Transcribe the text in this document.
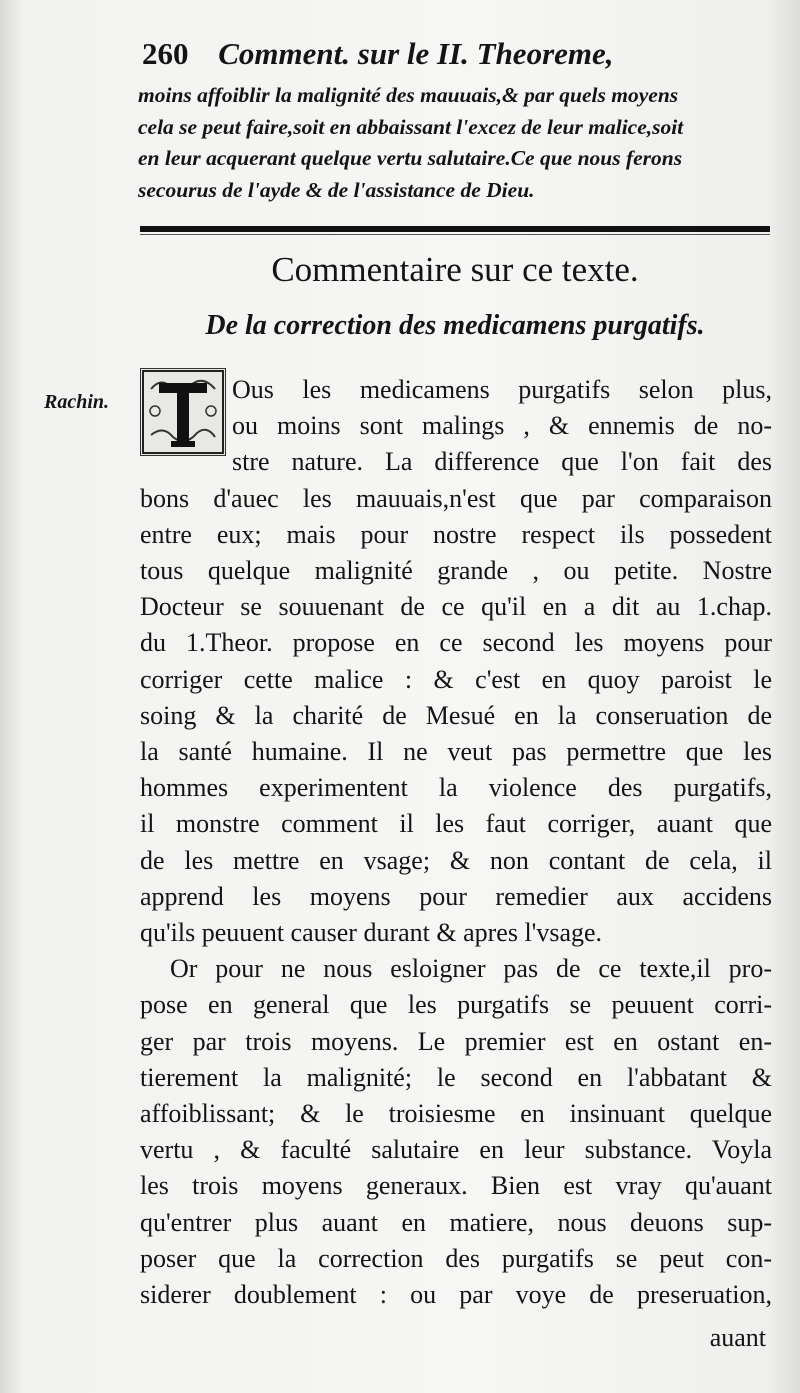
260 Comment. sur le II. Theoreme,
moins affoiblir la malignité des mauuais,& par quels moyens
cela se peut faire,soit en abbaissant l'excez de leur malice,soit
en leur acquerant quelque vertu salutaire.Ce que nous ferons
secourus de l'ayde & de l'assistance de Dieu.
Commentaire sur ce texte.
De la correction des medicamens purgatifs.
Rachin.	Ous les medicamens purgatifs selon plus,
ou moins sont malings , & ennemis de no-
stre nature. La difference que l'on fait des
bons d'auec les mauuais,n'est que par comparaison
entre eux; mais pour nostre respect ils possedent
tous quelque malignité grande , ou petite. Nostre
Docteur se souuenant de ce qu'il en a dit au 1.chap.
du 1.Theor. propose en ce second les moyens pour
corriger cette malice : & c'est en quoy paroist le
soing & la charité de Mesué en la conseruation de
la santé humaine. Il ne veut pas permettre que les
hommes experimentent la violence des purgatifs,
il monstre comment il les faut corriger, auant que
de les mettre en vsage; & non contant de cela, il
apprend les moyens pour remedier aux accidens
qu'ils peuuent causer durant & apres l'vsage.
Or pour ne nous esloigner pas de ce texte,il pro-
pose en general que les purgatifs se peuuent corri-
ger par trois moyens. Le premier est en ostant en-
tierement la malignité; le second en l'abbatant &
affoiblissant; & le troisiesme en insinuant quelque
vertu , & faculté salutaire en leur substance. Voyla
les trois moyens generaux. Bien est vray qu'auant
qu'entrer plus auant en matiere, nous deuons sup-
poser que la correction des purgatifs se peut con-
siderer doublement : ou par voye de preseruation,
auant
